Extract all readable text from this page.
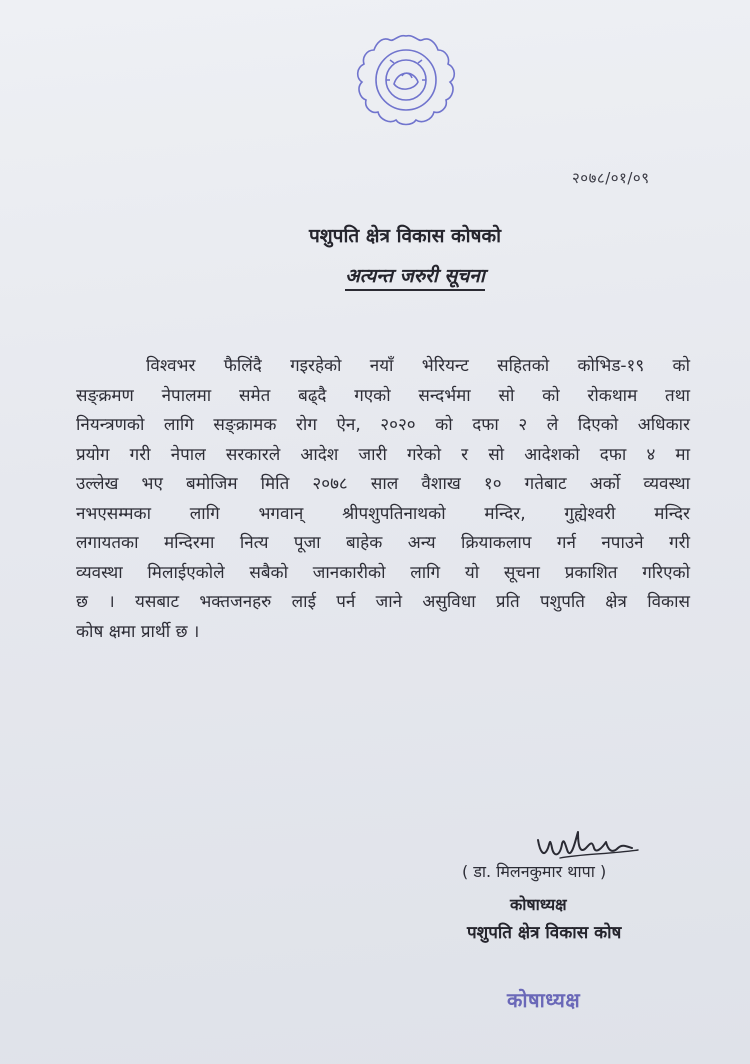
२०७८/०१/०९
पशुपति क्षेत्र विकास कोषको
अत्यन्त जरुरी सूचना
विश्वभर फैलिंदै गइरहेको नयाँ भेरियन्ट सहितको कोभिड-१९ को
सङ्क्रमण नेपालमा समेत बढ्दै गएको सन्दर्भमा सो को रोकथाम तथा
नियन्त्रणको लागि सङ्क्रामक रोग ऐन, २०२० को दफा २ ले दिएको अधिकार
प्रयोग गरी नेपाल सरकारले आदेश जारी गरेको र सो आदेशको दफा ४ मा
उल्लेख भए बमोजिम मिति २०७८ साल वैशाख १० गतेबाट अर्को व्यवस्था
नभएसम्मका लागि भगवान् श्रीपशुपतिनाथको मन्दिर, गुह्येश्वरी मन्दिर
लगायतका मन्दिरमा नित्य पूजा बाहेक अन्य क्रियाकलाप गर्न नपाउने गरी
व्यवस्था मिलाईएकोले सबैको जानकारीको लागि यो सूचना प्रकाशित गरिएको
छ । यसबाट भक्तजनहरु लाई पर्न जाने असुविधा प्रति पशुपति क्षेत्र विकास
कोष क्षमा प्रार्थी छ ।
( डा. मिलनकुमार थापा )
कोषाध्यक्ष
पशुपति क्षेत्र विकास कोष
कोषाध्यक्ष
